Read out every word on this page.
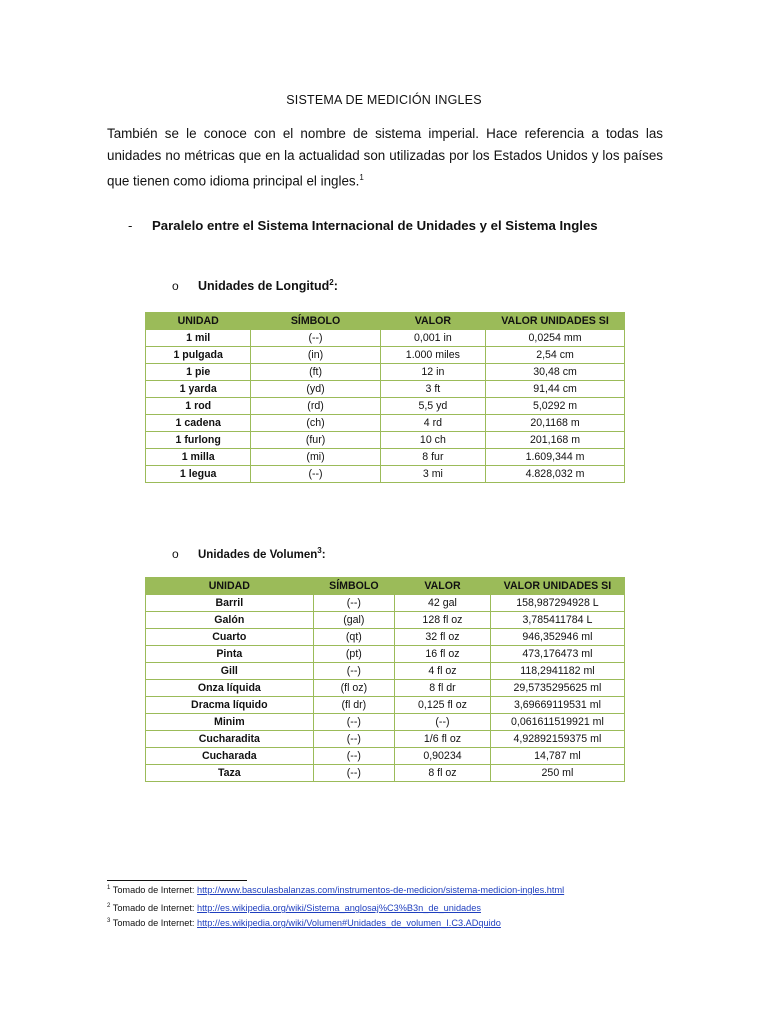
SISTEMA DE MEDICIÓN INGLES
También se le conoce con el nombre de sistema imperial. Hace referencia a todas las unidades no métricas que en la actualidad son utilizadas por los Estados Unidos y los países que tienen como idioma principal el ingles.$^1$
- Paralelo entre el Sistema Internacional de Unidades y el Sistema Ingles
o Unidades de Longitud$^2$:
UNIDAD	SÍMBOLO	VALOR	VALOR UNIDADES SI
1 mil	(--)	0,001 in	0,0254 mm
1 pulgada	(in)	1.000 miles	2,54 cm
1 pie	(ft)	12 in	30,48 cm
1 yarda	(yd)	3 ft	91,44 cm
1 rod	(rd)	5,5 yd	5,0292 m
1 cadena	(ch)	4 rd	20,1168 m
1 furlong	(fur)	10 ch	201,168 m
1 milla	(mi)	8 fur	1.609,344 m
1 legua	(--)	3 mi	4.828,032 m
o Unidades de Volumen$^3$:
UNIDAD	SÍMBOLO	VALOR	VALOR UNIDADES SI
Barril	(--)	42 gal	158,987294928 L
Galón	(gal)	128 fl oz	3,785411784 L
Cuarto	(qt)	32 fl oz	946,352946 ml
Pinta	(pt)	16 fl oz	473,176473 ml
Gill	(--)	4 fl oz	118,2941182 ml
Onza líquida	(fl oz)	8 fl dr	29,5735295625 ml
Dracma líquido	(fl dr)	0,125 fl oz	3,69669119531 ml
Minim	(--)	(--)	0,061611519921 ml
Cucharadita	(--)	1/6 fl oz	4,92892159375 ml
Cucharada	(--)	0,90234	14,787 ml
Taza	(--)	8 fl oz	250 ml
$^1$ Tomado de Internet: http://www.basculasbalanzas.com/instrumentos-de-medicion/sistema-medicion-ingles.html
$^2$ Tomado de Internet: http://es.wikipedia.org/wiki/Sistema_anglosaj%C3%B3n_de_unidades
$^3$ Tomado de Internet: http://es.wikipedia.org/wiki/Volumen#Unidades_de_volumen_I.C3.ADquido
